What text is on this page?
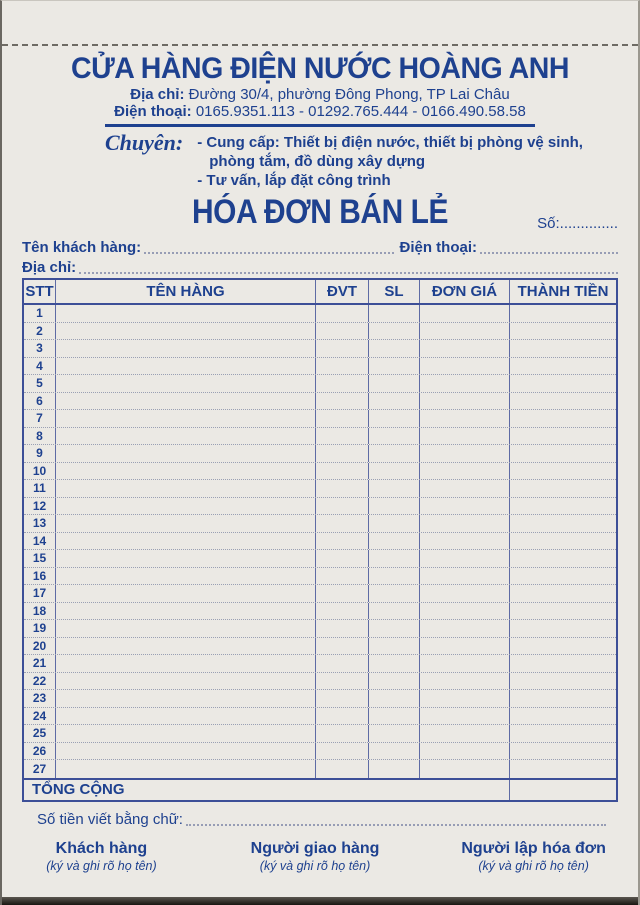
CỬA HÀNG ĐIỆN NƯỚC HOÀNG ANH
Địa chỉ: Đường 30/4, phường Đông Phong, TP Lai Châu
Điện thoại: 0165.9351.113 - 01292.765.444 - 0166.490.58.58
Chuyên: - Cung cấp: Thiết bị điện nước, thiết bị phòng vệ sinh,
phòng tắm, đồ dùng xây dựng
- Tư vấn, lắp đặt công trình
HÓA ĐƠN BÁN LẺ	Số:..............
Tên khách hàng:	Điện thoại:
Địa chỉ:
STT	TÊN HÀNG	ĐVT	SL	ĐƠN GIÁ	THÀNH TIỀN
1
2
3
4
5
6
7
8
9
10
11
12
13
14
15
16
17
18
19
20
21
22
23
24
25
26
27
TỔNG CỘNG
Số tiền viết bằng chữ:
Khách hàng
(ký và ghi rõ họ tên)
Người giao hàng
(ký và ghi rõ họ tên)
Người lập hóa đơn
(ký và ghi rõ họ tên)
